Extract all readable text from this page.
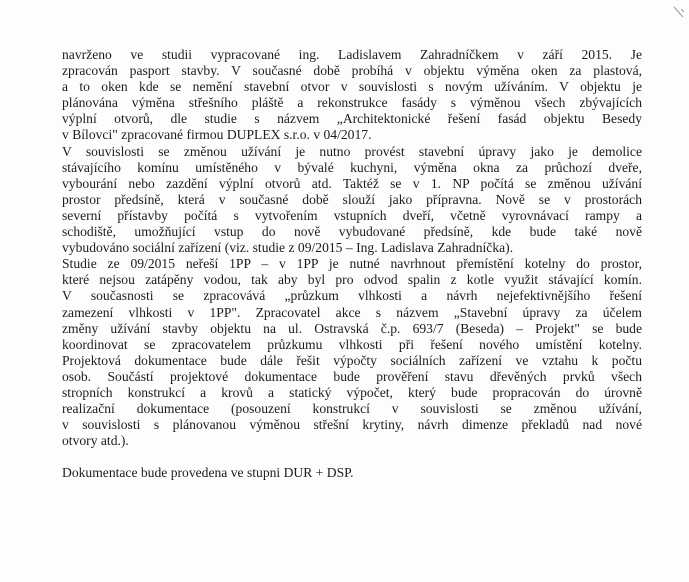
navrženo ve studii vypracované ing. Ladislavem Zahradníčkem v září 2015. Je
zpracován pasport stavby. V současné době probíhá v objektu výměna oken za plastová,
a to oken kde se nemění stavební otvor v souvislosti s novým užíváním. V objektu je
plánována výměna střešního pláště a rekonstrukce fasády s výměnou všech zbývajících
výplní otvorů, dle studie s názvem „Architektonické řešení fasád objektu Besedy
v Bílovci" zpracované firmou DUPLEX s.r.o. v 04/2017.
V souvislosti se změnou užívání je nutno provést stavební úpravy jako je demolice
stávajícího komínu umístěného v bývalé kuchyni, výměna okna za průchozí dveře,
vybourání nebo zazdění výplní otvorů atd. Taktéž se v 1. NP počítá se změnou užívání
prostor předsíně, která v současné době slouží jako přípravna. Nově se v prostorách
severní přístavby počítá s vytvořením vstupních dveří, včetně vyrovnávací rampy a
schodiště, umožňující vstup do nově vybudované předsíně, kde bude také nově
vybudováno sociální zařízení (viz. studie z 09/2015 – Ing. Ladislava Zahradníčka).
Studie ze 09/2015 neřeší 1PP – v 1PP je nutné navrhnout přemístění kotelny do prostor,
které nejsou zatápěny vodou, tak aby byl pro odvod spalin z kotle využit stávající komín.
V současnosti se zpracovává „průzkum vlhkosti a návrh nejefektivnějšího řešení
zamezení vlhkosti v 1PP". Zpracovatel akce s názvem „Stavební úpravy za účelem
změny užívání stavby objektu na ul. Ostravská č.p. 693/7 (Beseda) – Projekt" se bude
koordinovat se zpracovatelem průzkumu vlhkosti při řešení nového umístění kotelny.
Projektová dokumentace bude dále řešit výpočty sociálních zařízení ve vztahu k počtu
osob. Součástí projektové dokumentace bude prověření stavu dřevěných prvků všech
stropních konstrukcí a krovů a statický výpočet, který bude propracován do úrovně
realizační dokumentace (posouzení konstrukcí v souvislosti se změnou užívání,
v souvislosti s plánovanou výměnou střešní krytiny, návrh dimenze překladů nad nové
otvory atd.).
Dokumentace bude provedena ve stupni DUR + DSP.
